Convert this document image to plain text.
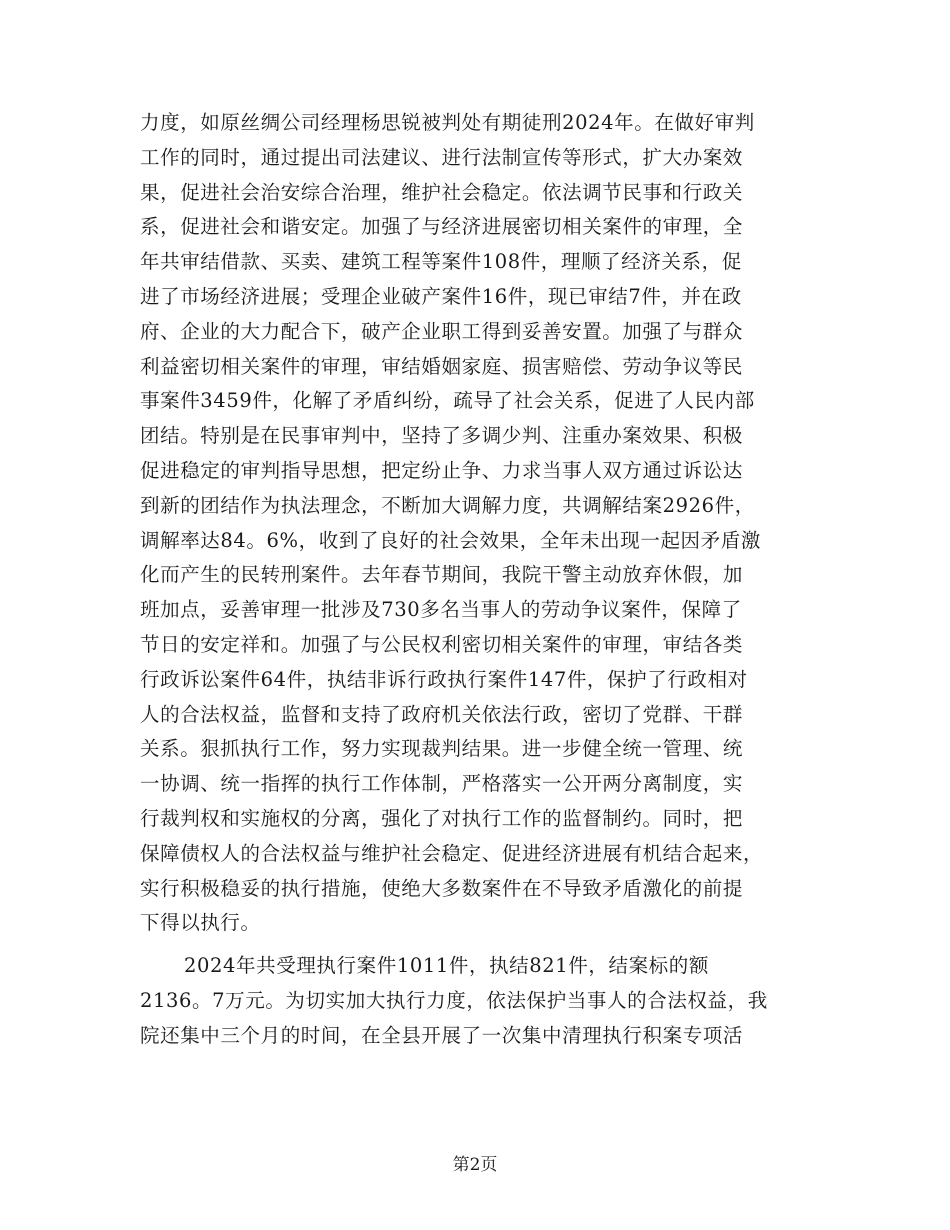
力度，如原丝绸公司经理杨思锐被判处有期徒刑2024年。在做好审判
工作的同时，通过提出司法建议、进行法制宣传等形式，扩大办案效
果，促进社会治安综合治理，维护社会稳定。依法调节民事和行政关
系，促进社会和谐安定。加强了与经济进展密切相关案件的审理，全
年共审结借款、买卖、建筑工程等案件108件，理顺了经济关系，促
进了市场经济进展；受理企业破产案件16件，现已审结7件，并在政
府、企业的大力配合下，破产企业职工得到妥善安置。加强了与群众
利益密切相关案件的审理，审结婚姻家庭、损害赔偿、劳动争议等民
事案件3459件，化解了矛盾纠纷，疏导了社会关系，促进了人民内部
团结。特别是在民事审判中，坚持了多调少判、注重办案效果、积极
促进稳定的审判指导思想，把定纷止争、力求当事人双方通过诉讼达
到新的团结作为执法理念，不断加大调解力度，共调解结案2926件，
调解率达84。6%，收到了良好的社会效果，全年未出现一起因矛盾激
化而产生的民转刑案件。去年春节期间，我院干警主动放弃休假，加
班加点，妥善审理一批涉及730多名当事人的劳动争议案件，保障了
节日的安定祥和。加强了与公民权利密切相关案件的审理，审结各类
行政诉讼案件64件，执结非诉行政执行案件147件，保护了行政相对
人的合法权益，监督和支持了政府机关依法行政，密切了党群、干群
关系。狠抓执行工作，努力实现裁判结果。进一步健全统一管理、统
一协调、统一指挥的执行工作体制，严格落实一公开两分离制度，实
行裁判权和实施权的分离，强化了对执行工作的监督制约。同时，把
保障债权人的合法权益与维护社会稳定、促进经济进展有机结合起来，
实行积极稳妥的执行措施，使绝大多数案件在不导致矛盾激化的前提
下得以执行。
2024年共受理执行案件1011件，执结821件，结案标的额
2136。7万元。为切实加大执行力度，依法保护当事人的合法权益，我
院还集中三个月的时间，在全县开展了一次集中清理执行积案专项活
第2页
